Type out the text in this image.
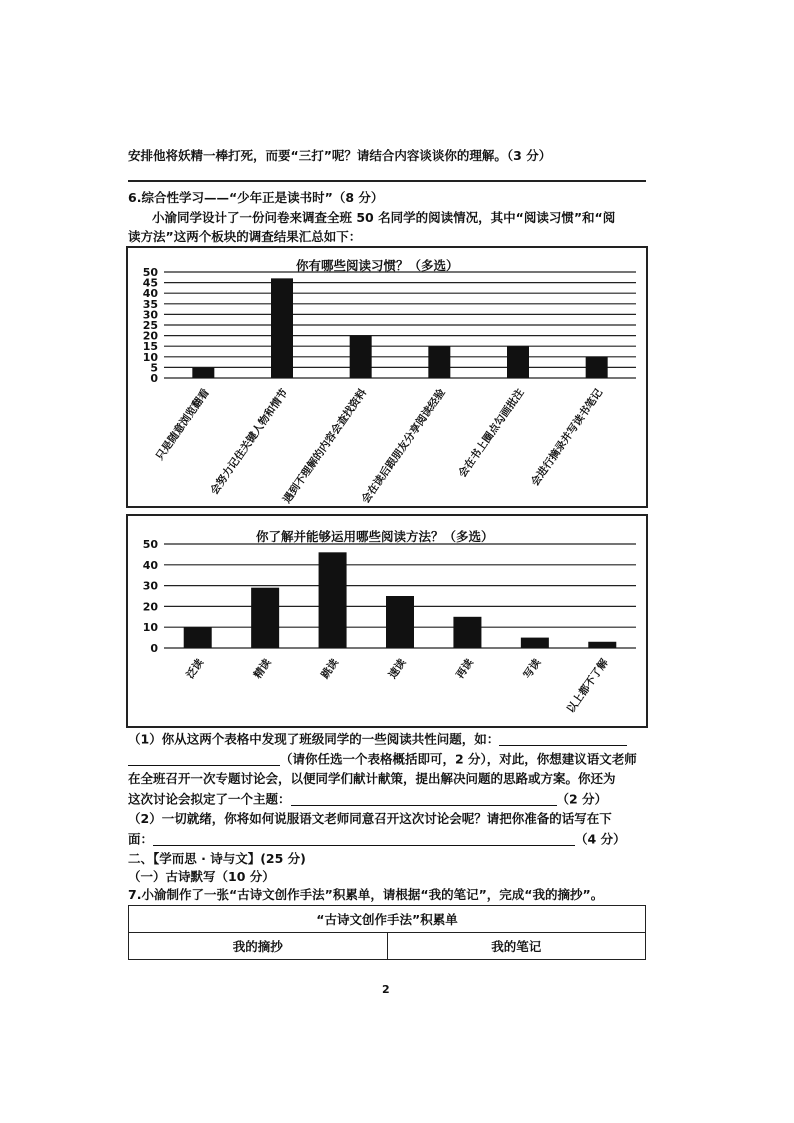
安排他将妖精一棒打死，而要“三打”呢？请结合内容谈谈你的理解。（3 分）
6.综合性学习——“少年正是读书时”（8 分）
小渝同学设计了一份问卷来调查全班 50 名同学的阅读情况，其中“阅读习惯”和“阅
读方法”这两个板块的调查结果汇总如下：
你有哪些阅读习惯？（多选）
0
5
10
15
20
25
30
35
40
45
50
只是随意浏览翻看
会努力记住关键人物和情节
遇到不理解的内容会查找资料
会在读后跟朋友分享阅读经验 会在书上圈点勾画批注 会进行摘录并写读书笔记
你了解并能够运用哪些阅读方法？（多选）
0
10
20
30
40
50
泛读	精读	跳读	速读	再读	写读 以上都不了解
（1）你从这两个表格中发现了班级同学的一些阅读共性问题，如：
（请你任选一个表格概括即可，2 分），对此，你想建议语文老师
在全班召开一次专题讨论会，以便同学们献计献策，提出解决问题的思路或方案。你还为
这次讨论会拟定了一个主题：	（2 分）
（2）一切就绪，你将如何说服语文老师同意召开这次讨论会呢？请把你准备的话写在下
面：	（4 分）
二、【学而思 · 诗与文】(25 分)
（一）古诗默写（10 分）
7.小渝制作了一张“古诗文创作手法”积累单，请根据“我的笔记”，完成“我的摘抄”。
“古诗文创作手法”积累单
我的摘抄	我的笔记
2
